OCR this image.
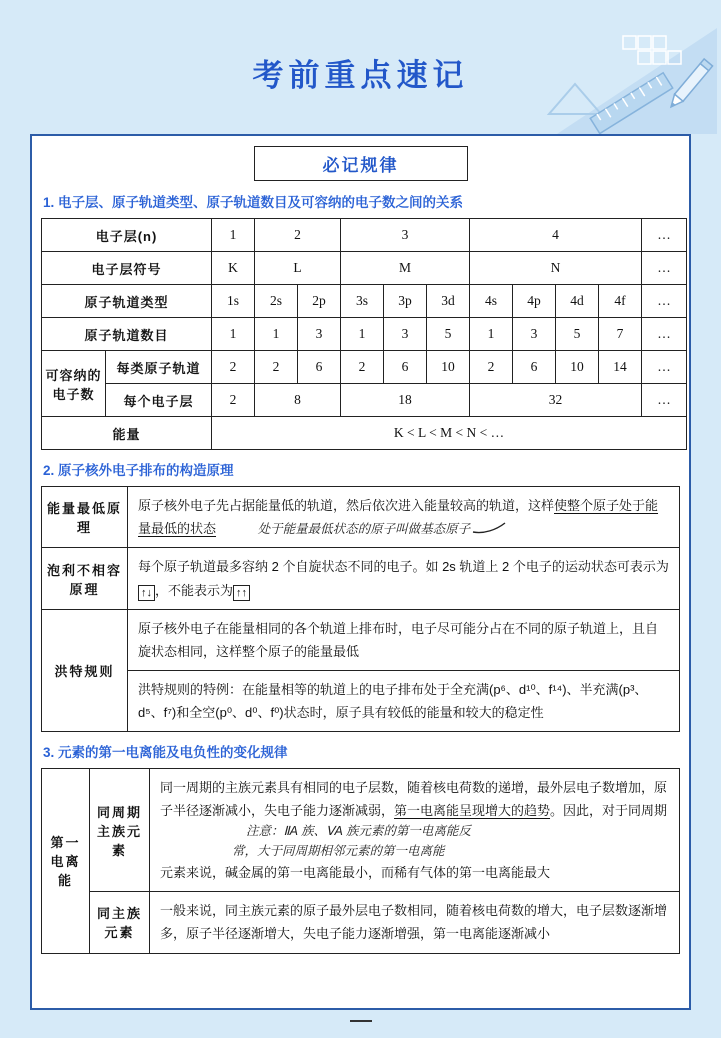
考前重点速记
必记规律
1. 电子层、原子轨道类型、原子轨道数目及可容纳的电子数之间的关系
电子层(n)		1	2		3			4				…
电子层符号		K	L		M			N				…
原子轨道类型		1s	2s	2p	3s	3p	3d	4s	4p	4d	4f	…
原子轨道数目		1	1	3	1	3	5	1	3	5	7	…
可容纳的电子数	每类原子轨道	2	2	6	2	6	10	2	6	10	14	…
	每个电子层	2	8		18			32				…
能量		K < L < M < N < …										
2. 原子核外电子排布的构造原理
能量最低原理	原子核外电子先占据能量低的轨道，然后依次进入能量较高的轨道，这样使整个原子处于能量最低的状态 处于能量最低状态的原子叫做基态原子
泡利不相容原理	每个原子轨道最多容纳 2 个自旋状态不同的电子。如 2s 轨道上 2 个电子的运动状态可表示为↑↓ ，不能表示为 ↑↑
洪特规则	原子核外电子在能量相同的各个轨道上排布时，电子尽可能分占在不同的原子轨道上，且自旋状态相同，这样整个原子的能量最低
	洪特规则的特例：在能量相等的轨道上的电子排布处于全充满(p⁶、d¹⁰、f¹⁴)、半充满(p³、d⁵、f⁷)和全空(p⁰、d⁰、f⁰)状态时，原子具有较低的能量和较大的稳定性
3. 元素的第一电离能及电负性的变化规律
第一电离能	同周期主族元素	同一周期的主族元素具有相同的电子层数，随着核电荷数的递增，最外层电子数增加，原子半径逐渐减小，失电子能力逐渐减弱，第一电离能呈现增大的趋势。因此，对于同周期

注意：ⅡA 族、ⅤA 族元素的第一电离能反

常，大于同周期相邻元素的第一电离能

元素来说，碱金属的第一电离能最小，而稀有气体的第一电离能最大

	同主族元素	一般来说，同主族元素的原子最外层电子数相同，随着核电荷数的增大，电子层数逐渐增多，原子半径逐渐增大，失电子能力逐渐增强，第一电离能逐渐减小
